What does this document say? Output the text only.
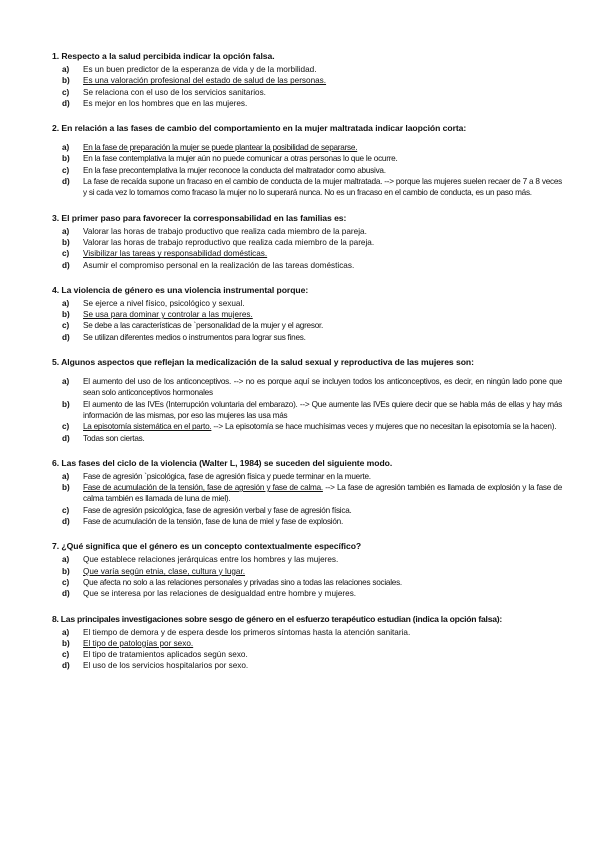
1. Respecto a la salud percibida indicar la opción falsa.
a)	Es un buen predictor de la esperanza de vida y de la morbilidad.
b)	Es una valoración profesional del estado de salud de las personas.
c)	Se relaciona con el uso de los servicios sanitarios.
d)	Es mejor en los hombres que en las mujeres.
2. En relación a las fases de cambio del comportamiento en la mujer maltratada indicar laopción corta:
a)	En la fase de preparación la mujer se puede plantear la posibilidad de separarse.
b)	En la fase contemplativa la mujer aún no puede comunicar a otras personas lo que le ocurre.
c)	En la fase precontemplativa la mujer reconoce la conducta del maltratador como abusiva.
d)	La fase de recaída supone un fracaso en el cambio de conducta de la mujer maltratada. --> porque las mujeres suelen recaer de 7 a 8 veces y si cada vez lo tomamos como fracaso la mujer no lo superará nunca. No es un fracaso en el cambio de conducta, es un paso más.
3. El primer paso para favorecer la corresponsabilidad en las familias es:
a)	Valorar las horas de trabajo productivo que realiza cada miembro de la pareja.
b)	Valorar las horas de trabajo reproductivo que realiza cada miembro de la pareja.
c)	Visibilizar las tareas y responsabilidad domésticas.
d)	Asumir el compromiso personal en la realización de las tareas domésticas.
4. La violencia de género es una violencia instrumental porque:
a)	Se ejerce a nivel físico, psicológico y sexual.
b)	Se usa para dominar y controlar a las mujeres.
c)	Se debe a las características de `personalidad de la mujer y el agresor.
d)	Se utilizan diferentes medios o instrumentos para lograr sus fines.
5. Algunos aspectos que reflejan la medicalización de la salud sexual y reproductiva de las mujeres son:
a)	El aumento del uso de los anticonceptivos. --> no es porque aquí se incluyen todos los anticonceptivos, es decir, en ningún lado pone que sean solo anticonceptivos hormonales
b)	El aumento de las IVEs (Interrupción voluntaria del embarazo). --> Que aumente las IVEs quiere decir que se habla más de ellas y hay más información de las mismas, por eso las mujeres las usa más
c)	La episotomía sistemática en el parto. --> La episotomía se hace muchísimas veces y mujeres que no necesitan la episotomía se la hacen).
d)	Todas son ciertas.
6. Las fases del ciclo de la violencia (Walter L, 1984) se suceden del siguiente modo.
a)	Fase de agresión `psicológica, fase de agresión física y puede terminar en la muerte.
b)	Fase de acumulación de la tensión, fase de agresión y fase de calma. --> La fase de agresión también es llamada de explosión y la fase de calma también es llamada de luna de miel).
c)	Fase de agresión psicológica, fase de agresión verbal y fase de agresión física.
d)	Fase de acumulación de la tensión, fase de luna de miel y fase de explosión.
7. ¿Qué significa que el género es un concepto contextualmente específico?
a)	Que establece relaciones jerárquicas entre los hombres y las mujeres.
b)	Que varía según etnia, clase, cultura y lugar.
c)	Que afecta no solo a las relaciones personales y privadas sino a todas las relaciones sociales.
d)	Que se interesa por las relaciones de desigualdad entre hombre y mujeres.
8. Las principales investigaciones sobre sesgo de género en el esfuerzo terapéutico estudian (indica la opción falsa):
a)	El tiempo de demora y de espera desde los primeros síntomas hasta la atención sanitaria.
b)	El tipo de patologías por sexo.
c)	El tipo de tratamientos aplicados según sexo.
d)	El uso de los servicios hospitalarios por sexo.
